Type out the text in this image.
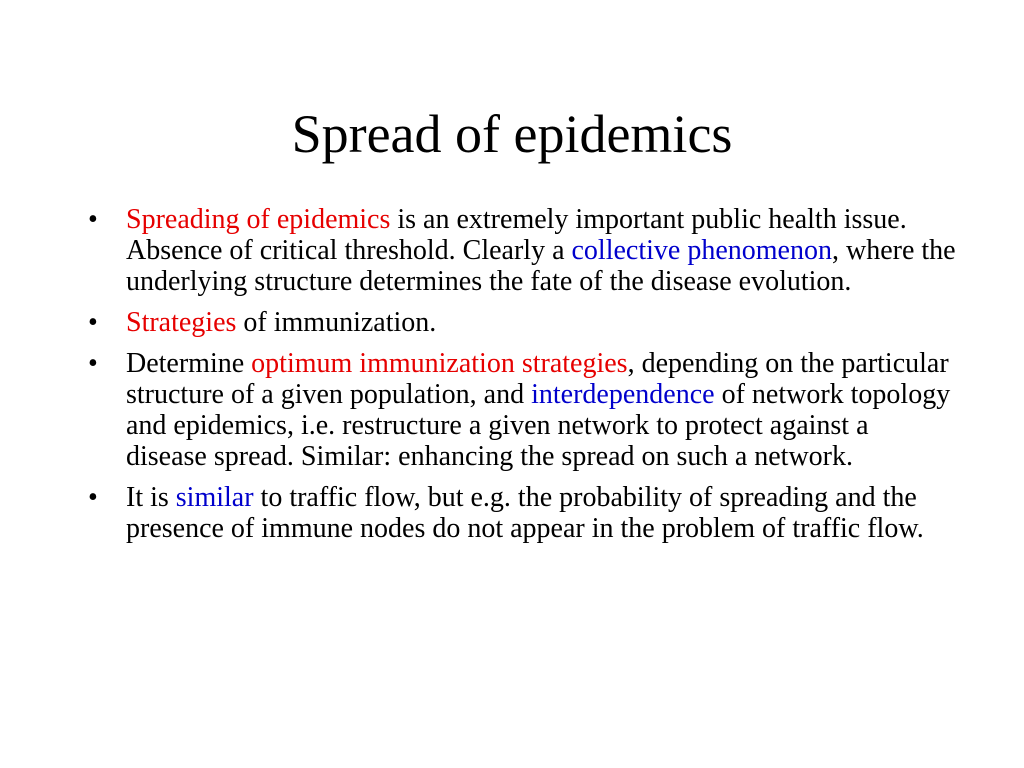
Spread of epidemics
• Spreading of epidemics is an extremely important public health issue. Absence of critical threshold. Clearly a collective phenomenon, where the underlying structure determines the fate of the disease evolution.
• Strategies of immunization.
• Determine optimum immunization strategies, depending on the particular structure of a given population, and interdependence of network topology and epidemics, i.e. restructure a given network to protect against a disease spread. Similar: enhancing the spread on such a network.
• It is similar to traffic flow, but e.g. the probability of spreading and the presence of immune nodes do not appear in the problem of traffic flow.
